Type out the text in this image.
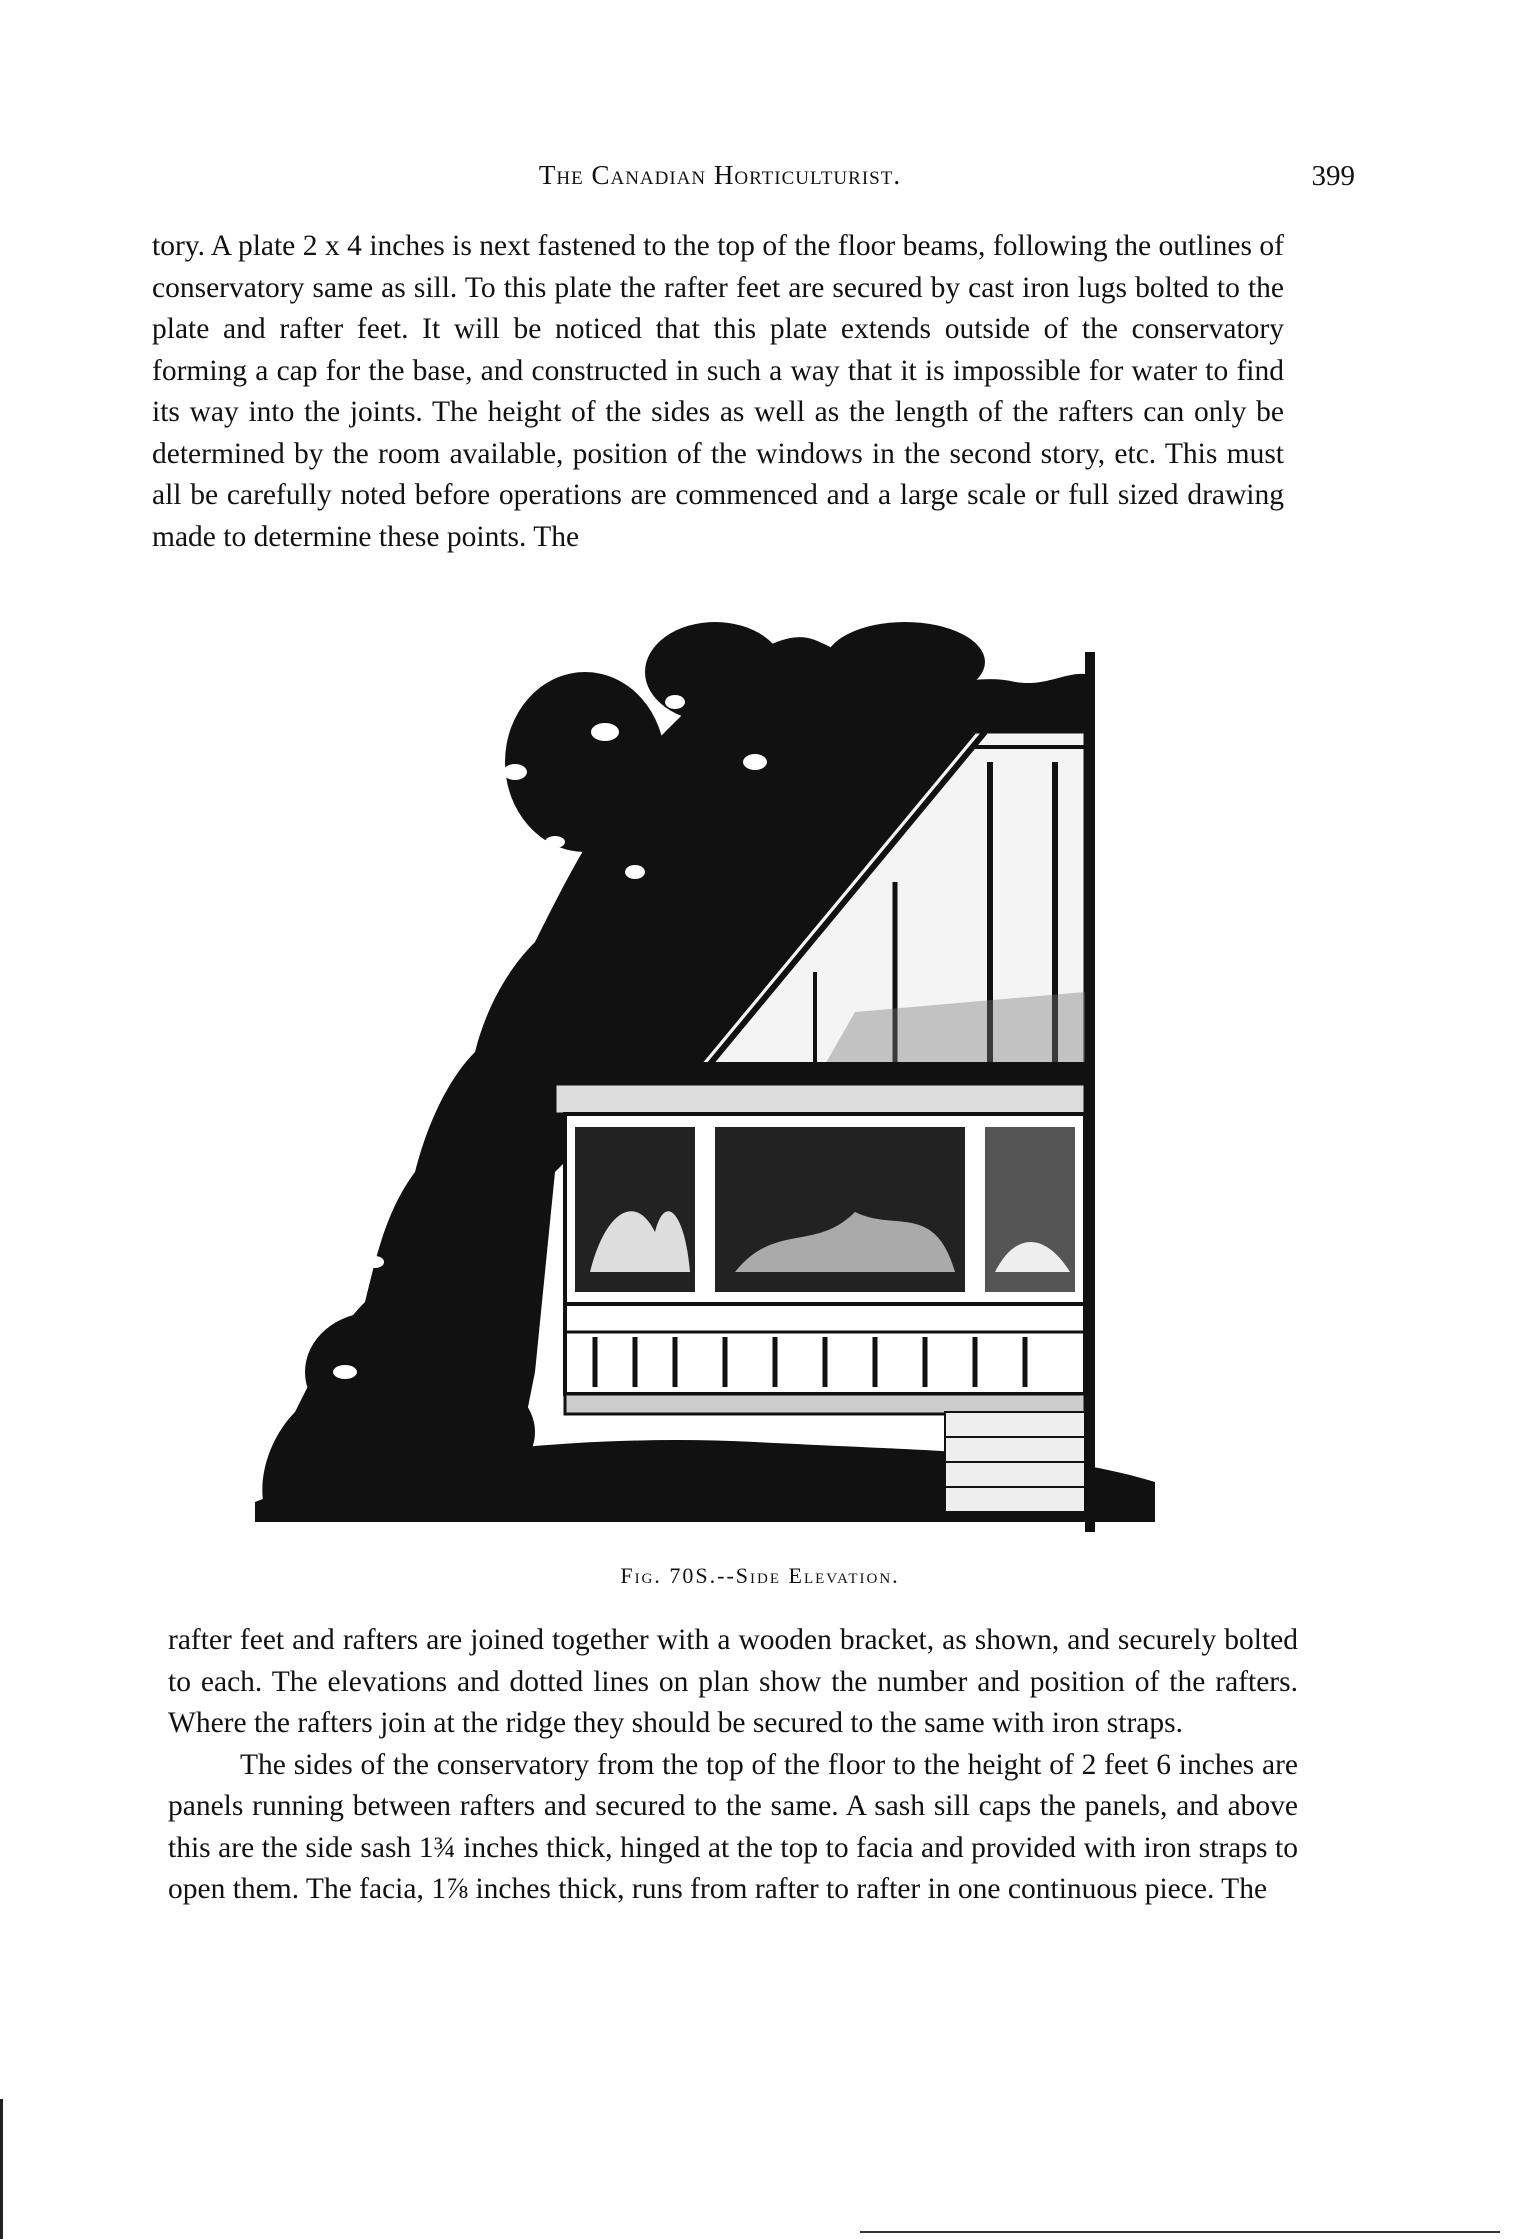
The Canadian Horticulturist.	399

tory. A plate 2 x 4 inches is next fastened to the top of the floor beams, following the outlines of conservatory same as sill. To this plate the rafter feet are secured by cast iron lugs bolted to the plate and rafter feet. It will be noticed that this plate extends outside of the conservatory forming a cap for the base, and constructed in such a way that it is impossible for water to find its way into the joints. The height of the sides as well as the length of the rafters can only be determined by the room available, position of the windows in the second story, etc. This must all be carefully noted before operations are commenced and a large scale or full sized drawing made to determine these points. The

Fig. 70S.--Side Elevation.

rafter feet and rafters are joined together with a wooden bracket, as shown, and securely bolted to each. The elevations and dotted lines on plan show the number and position of the rafters. Where the rafters join at the ridge they should be secured to the same with iron straps.

The sides of the conservatory from the top of the floor to the height of 2 feet 6 inches are panels running between rafters and secured to the same. A sash sill caps the panels, and above this are the side sash 1¾ inches thick, hinged at the top to facia and provided with iron straps to open them. The facia, 1⅞ inches thick, runs from rafter to rafter in one continuous piece. The
